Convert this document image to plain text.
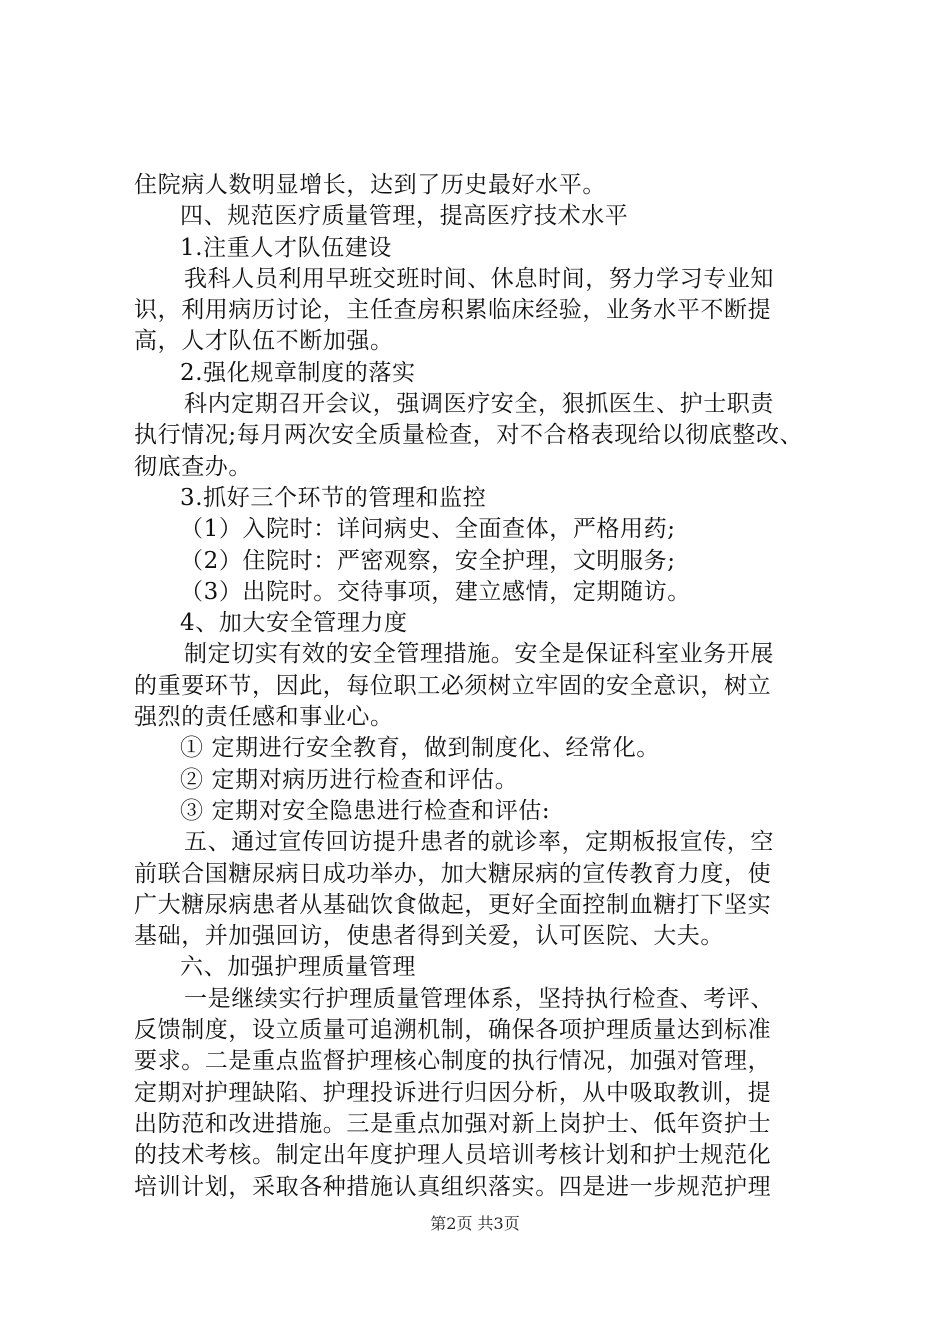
住院病人数明显增长，达到了历史最好水平。
四、规范医疗质量管理，提高医疗技术水平
1.注重人才队伍建设
我科人员利用早班交班时间、休息时间，努力学习专业知
识，利用病历讨论，主任查房积累临床经验，业务水平不断提
高，人才队伍不断加强。
2.强化规章制度的落实
科内定期召开会议，强调医疗安全，狠抓医生、护士职责
执行情况;每月两次安全质量检查，对不合格表现给以彻底整改、
彻底查办。
3.抓好三个环节的管理和监控
（1）入院时：详问病史、全面查体，严格用药;
（2）住院时：严密观察，安全护理，文明服务;
（3）出院时。交待事项，建立感情，定期随访。
4、加大安全管理力度
制定切实有效的安全管理措施。安全是保证科室业务开展
的重要环节，因此，每位职工必须树立牢固的安全意识，树立
强烈的责任感和事业心。
① 定期进行安全教育，做到制度化、经常化。
② 定期对病历进行检查和评估。
③ 定期对安全隐患进行检查和评估:
五、通过宣传回访提升患者的就诊率，定期板报宣传，空
前联合国糖尿病日成功举办，加大糖尿病的宣传教育力度，使
广大糖尿病患者从基础饮食做起，更好全面控制血糖打下坚实
基础，并加强回访，使患者得到关爱，认可医院、大夫。
六、加强护理质量管理
一是继续实行护理质量管理体系，坚持执行检查、考评、
反馈制度，设立质量可追溯机制，确保各项护理质量达到标准
要求。二是重点监督护理核心制度的执行情况，加强对管理，
定期对护理缺陷、护理投诉进行归因分析，从中吸取教训，提
出防范和改进措施。三是重点加强对新上岗护士、低年资护士
的技术考核。制定出年度护理人员培训考核计划和护士规范化
培训计划，采取各种措施认真组织落实。四是进一步规范护理
第2页 共3页
